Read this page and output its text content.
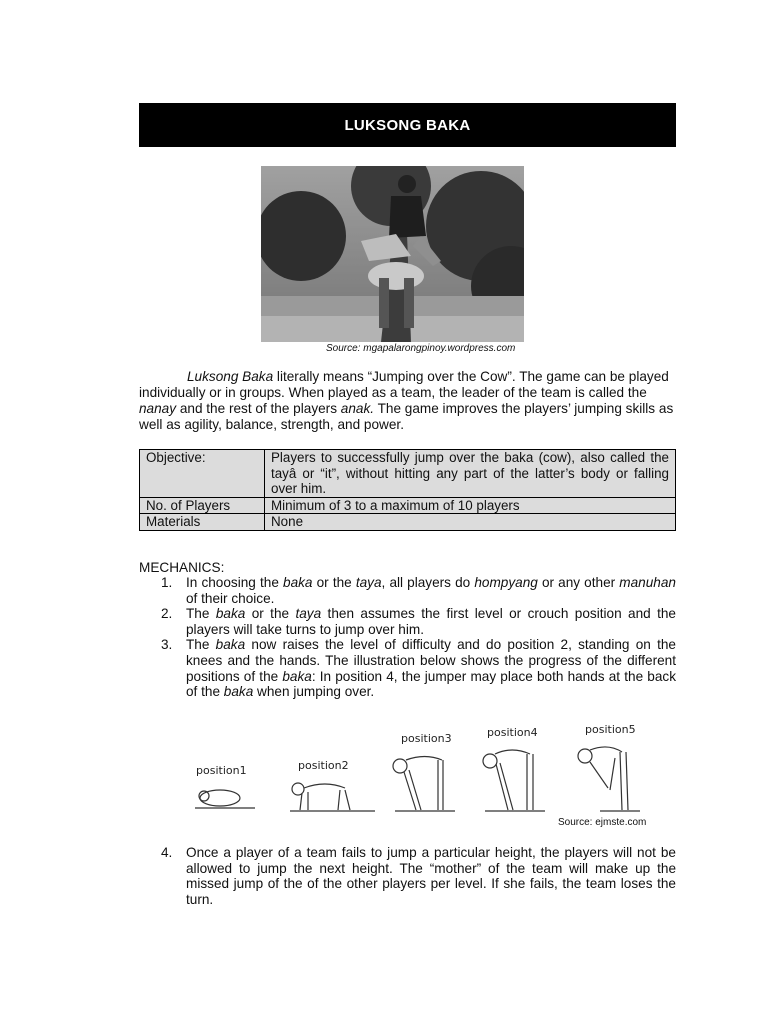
LUKSONG BAKA
Source: mgapalarongpinoy.wordpress.com

Luksong Baka literally means “Jumping over the Cow”. The game can be played individually or in groups. When played as a team, the leader of the team is called the nanay and the rest of the players anak. The game improves the players’ jumping skills as well as agility, balance, strength, and power.

Objective:	Players to successfully jump over the baka (cow), also called the tayâ or “it”, without hitting any part of the latter’s body or falling over him.
No. of Players	Minimum of 3 to a maximum of 10 players
Materials	None
MECHANICS:
1. In choosing the baka or the taya, all players do hompyang or any other manuhan of their choice.
2. The baka or the taya then assumes the first level or crouch position and the players will take turns to jump over him.
3. The baka now raises the level of difficulty and do position 2, standing on the knees and the hands. The illustration below shows the progress of the different positions of the baka: In position 4, the jumper may place both hands at the back of the baka when jumping over.
position1	position2
position3	position4	position5
Source: ejmste.com
4.	Once a player of a team fails to jump a particular height, the players will not be allowed to jump the next height. The “mother” of the team will make up the missed jump of the of the other players per level. If she fails, the team loses the turn.
